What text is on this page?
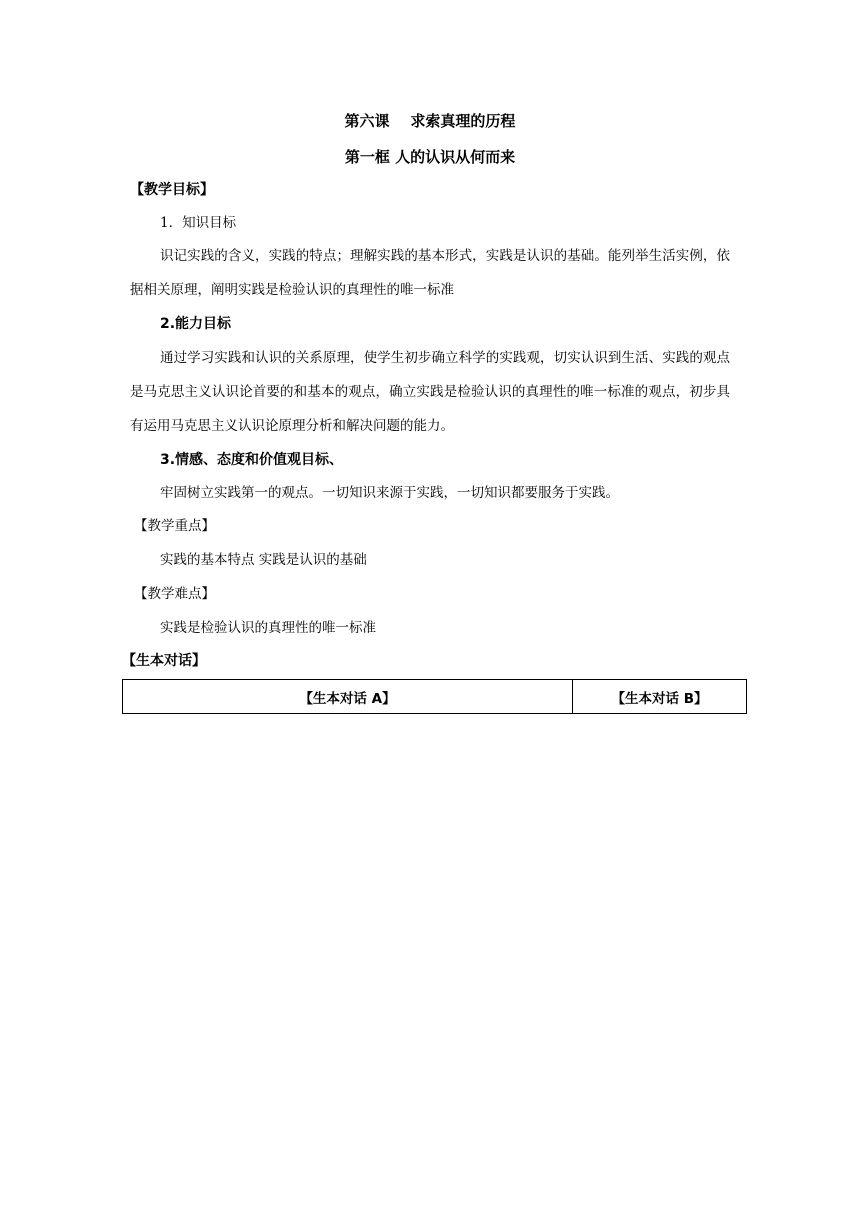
第六课    求索真理的历程
第一框 人的认识从何而来
【教学目标】
1．知识目标
识记实践的含义，实践的特点；理解实践的基本形式，实践是认识的基础。能列举生活实例，依据相关原理，阐明实践是检验认识的真理性的唯一标准
2.能力目标
通过学习实践和认识的关系原理，使学生初步确立科学的实践观，切实认识到生活、实践的观点是马克思主义认识论首要的和基本的观点，确立实践是检验认识的真理性的唯一标准的观点，初步具有运用马克思主义认识论原理分析和解决问题的能力。
3.情感、态度和价值观目标、
牢固树立实践第一的观点。一切知识来源于实践，一切知识都要服务于实践。
【教学重点】
实践的基本特点 实践是认识的基础
【教学难点】
实践是检验认识的真理性的唯一标准
【生本对话】
【生本对话 A】	【生本对话 B】
